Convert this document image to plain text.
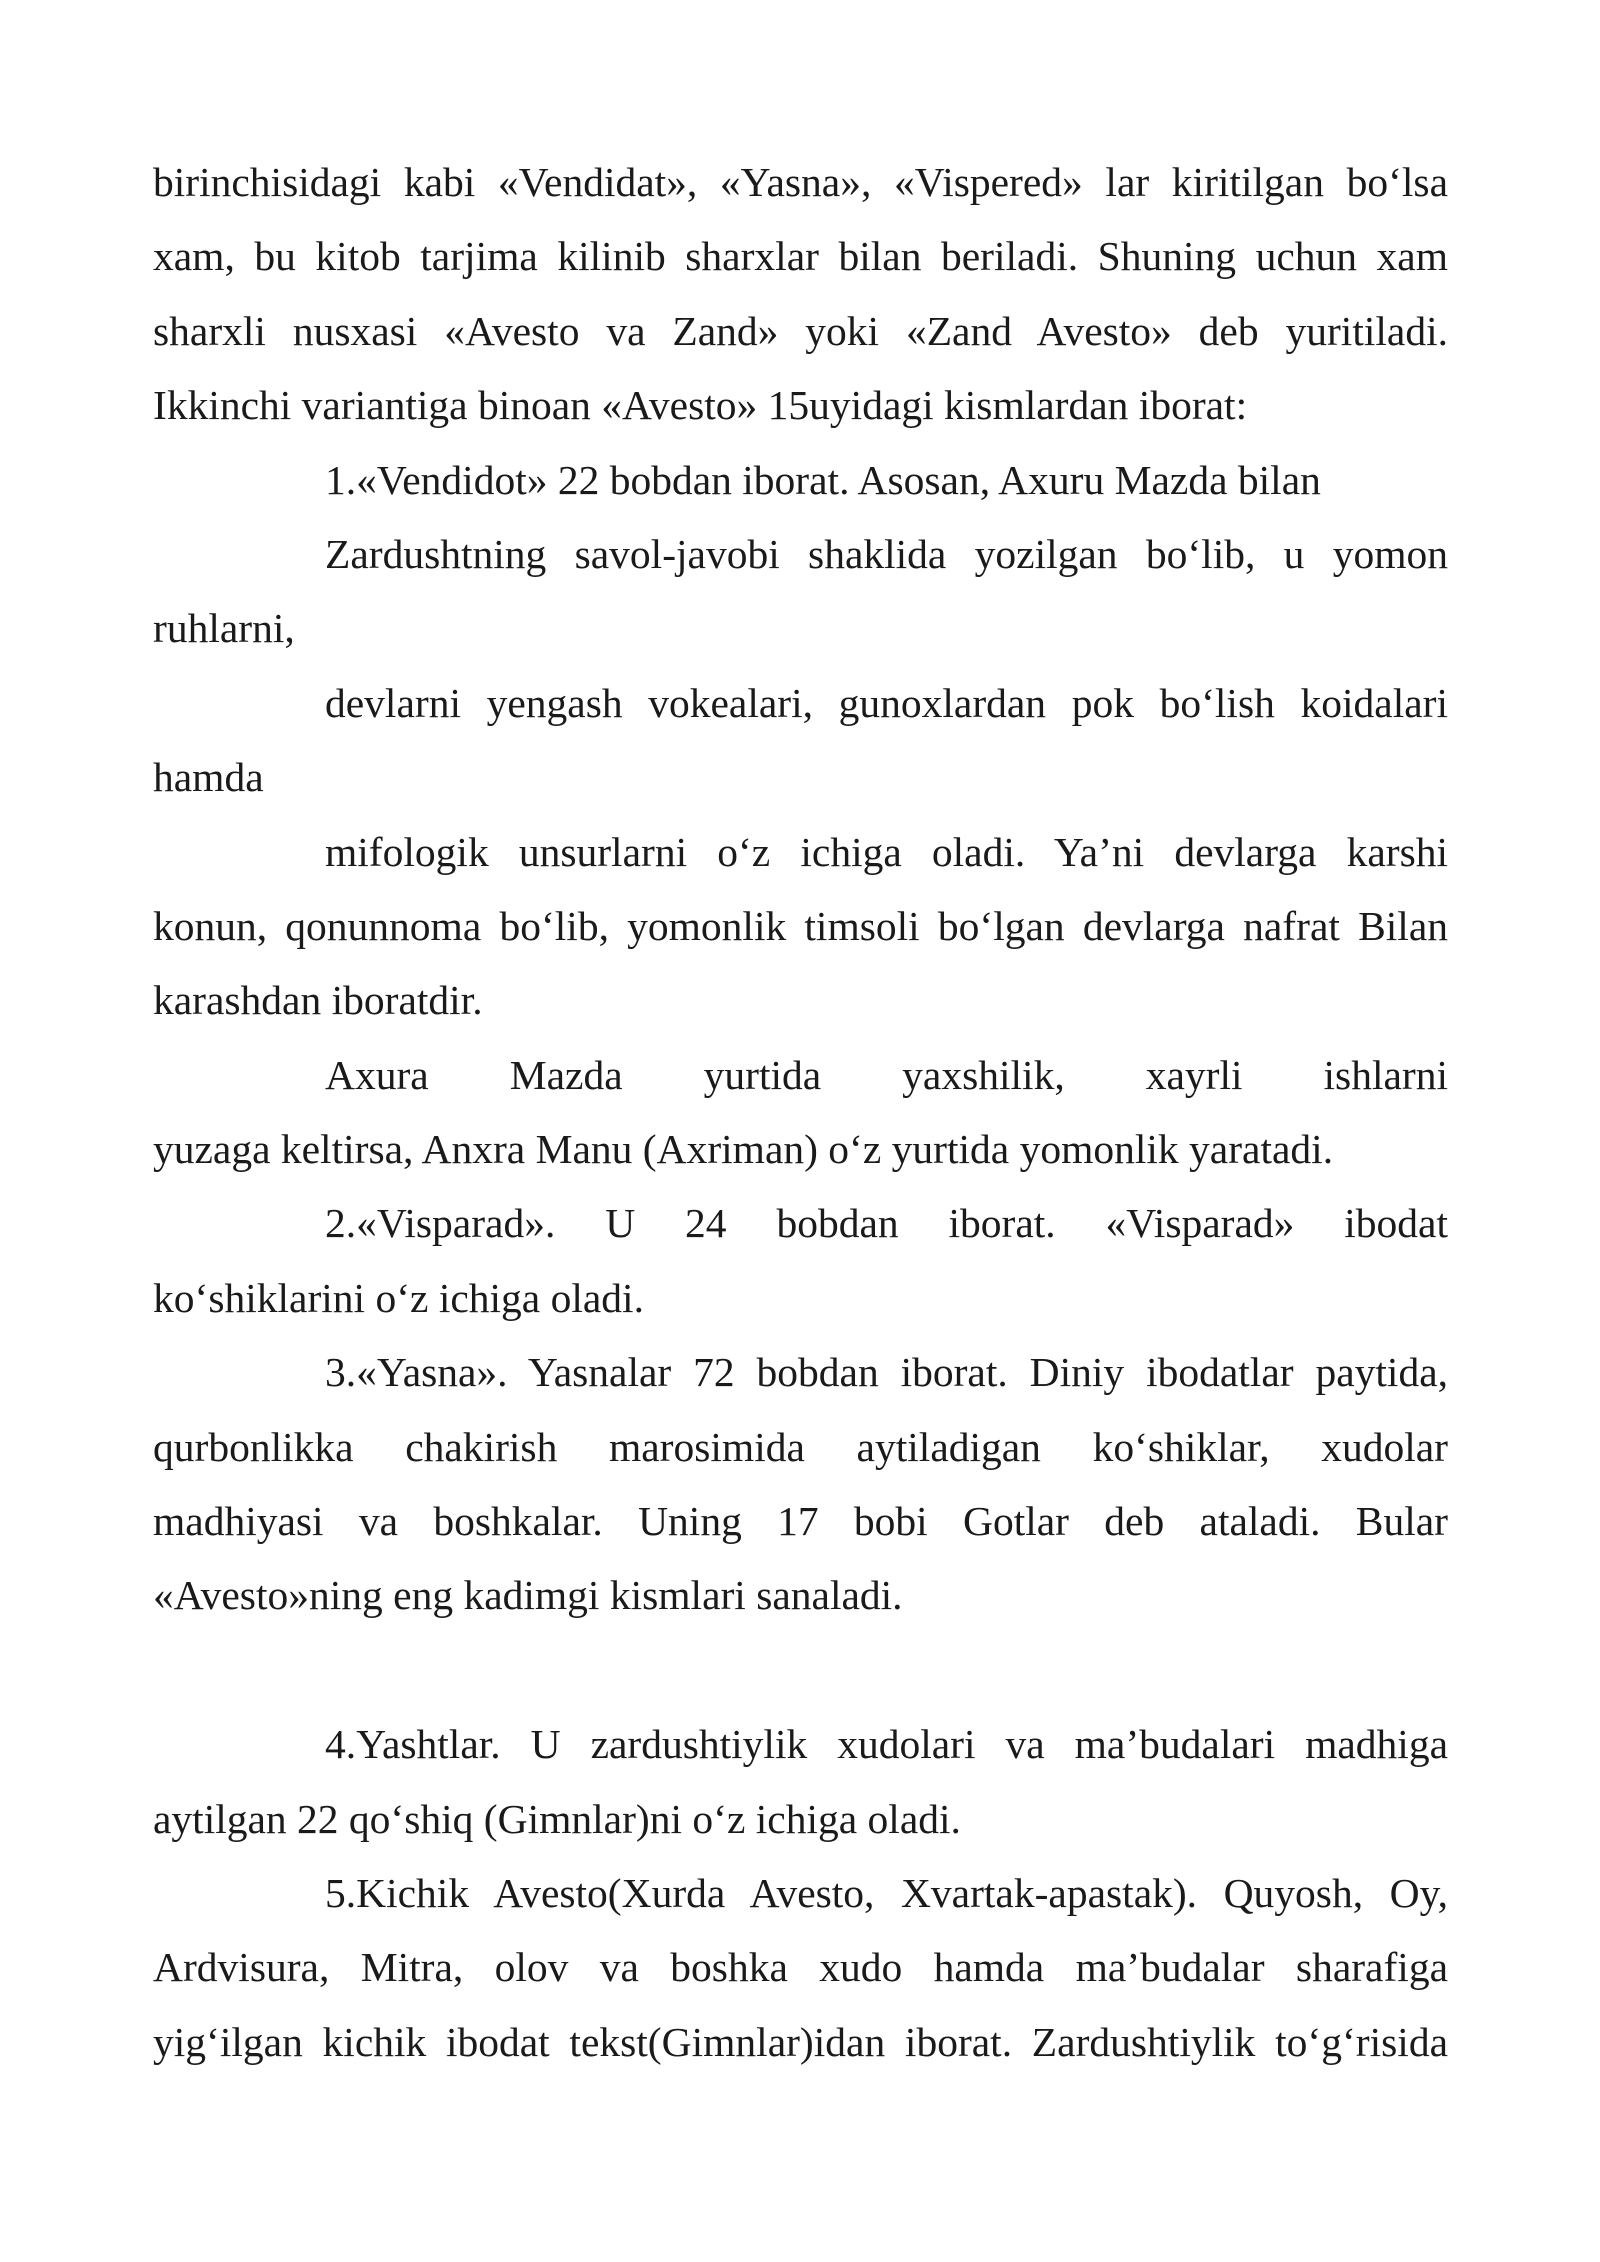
birinchisidagi kabi «Vendidat», «Yasna», «Vispered» lar kiritilgan bo‘lsa
xam, bu kitob tarjima kilinib sharxlar bilan beriladi. Shuning uchun xam
sharxli nusxasi «Avesto va Zand» yoki «Zand Avesto» deb yuritiladi.
Ikkinchi variantiga binoan «Avesto» 15uyidagi kismlardan iborat:
1.«Vendidot» 22 bobdan iborat. Asosan, Axuru Mazda bilan
Zardushtning savol-javobi shaklida yozilgan bo‘lib, u yomon
ruhlarni,
devlarni yengash vokealari, gunoxlardan pok bo‘lish koidalari
hamda
mifologik unsurlarni o‘z ichiga oladi. Ya’ni devlarga karshi
konun, qonunnoma bo‘lib, yomonlik timsoli bo‘lgan devlarga nafrat Bilan
karashdan iboratdir.
Axura Mazda yurtida yaxshilik, xayrli ishlarni
yuzaga keltirsa, Anxra Manu (Axriman) o‘z yurtida yomonlik yaratadi.
2.«Visparad». U 24 bobdan iborat. «Visparad» ibodat
ko‘shiklarini o‘z ichiga oladi.
3.«Yasna». Yasnalar 72 bobdan iborat. Diniy ibodatlar paytida,
qurbonlikka chakirish marosimida aytiladigan ko‘shiklar, xudolar
madhiyasi va boshkalar. Uning 17 bobi Gotlar deb ataladi. Bular
«Avesto»ning eng kadimgi kismlari sanaladi.
4.Yashtlar. U zardushtiylik xudolari va ma’budalari madhiga
aytilgan 22 qo‘shiq (Gimnlar)ni o‘z ichiga oladi.
5.Kichik Avesto(Xurda Avesto, Xvartak-apastak). Quyosh, Oy,
Ardvisura, Mitra, olov va boshka xudo hamda ma’budalar sharafiga
yig‘ilgan kichik ibodat tekst(Gimnlar)idan iborat. Zardushtiylik to‘g‘risida
